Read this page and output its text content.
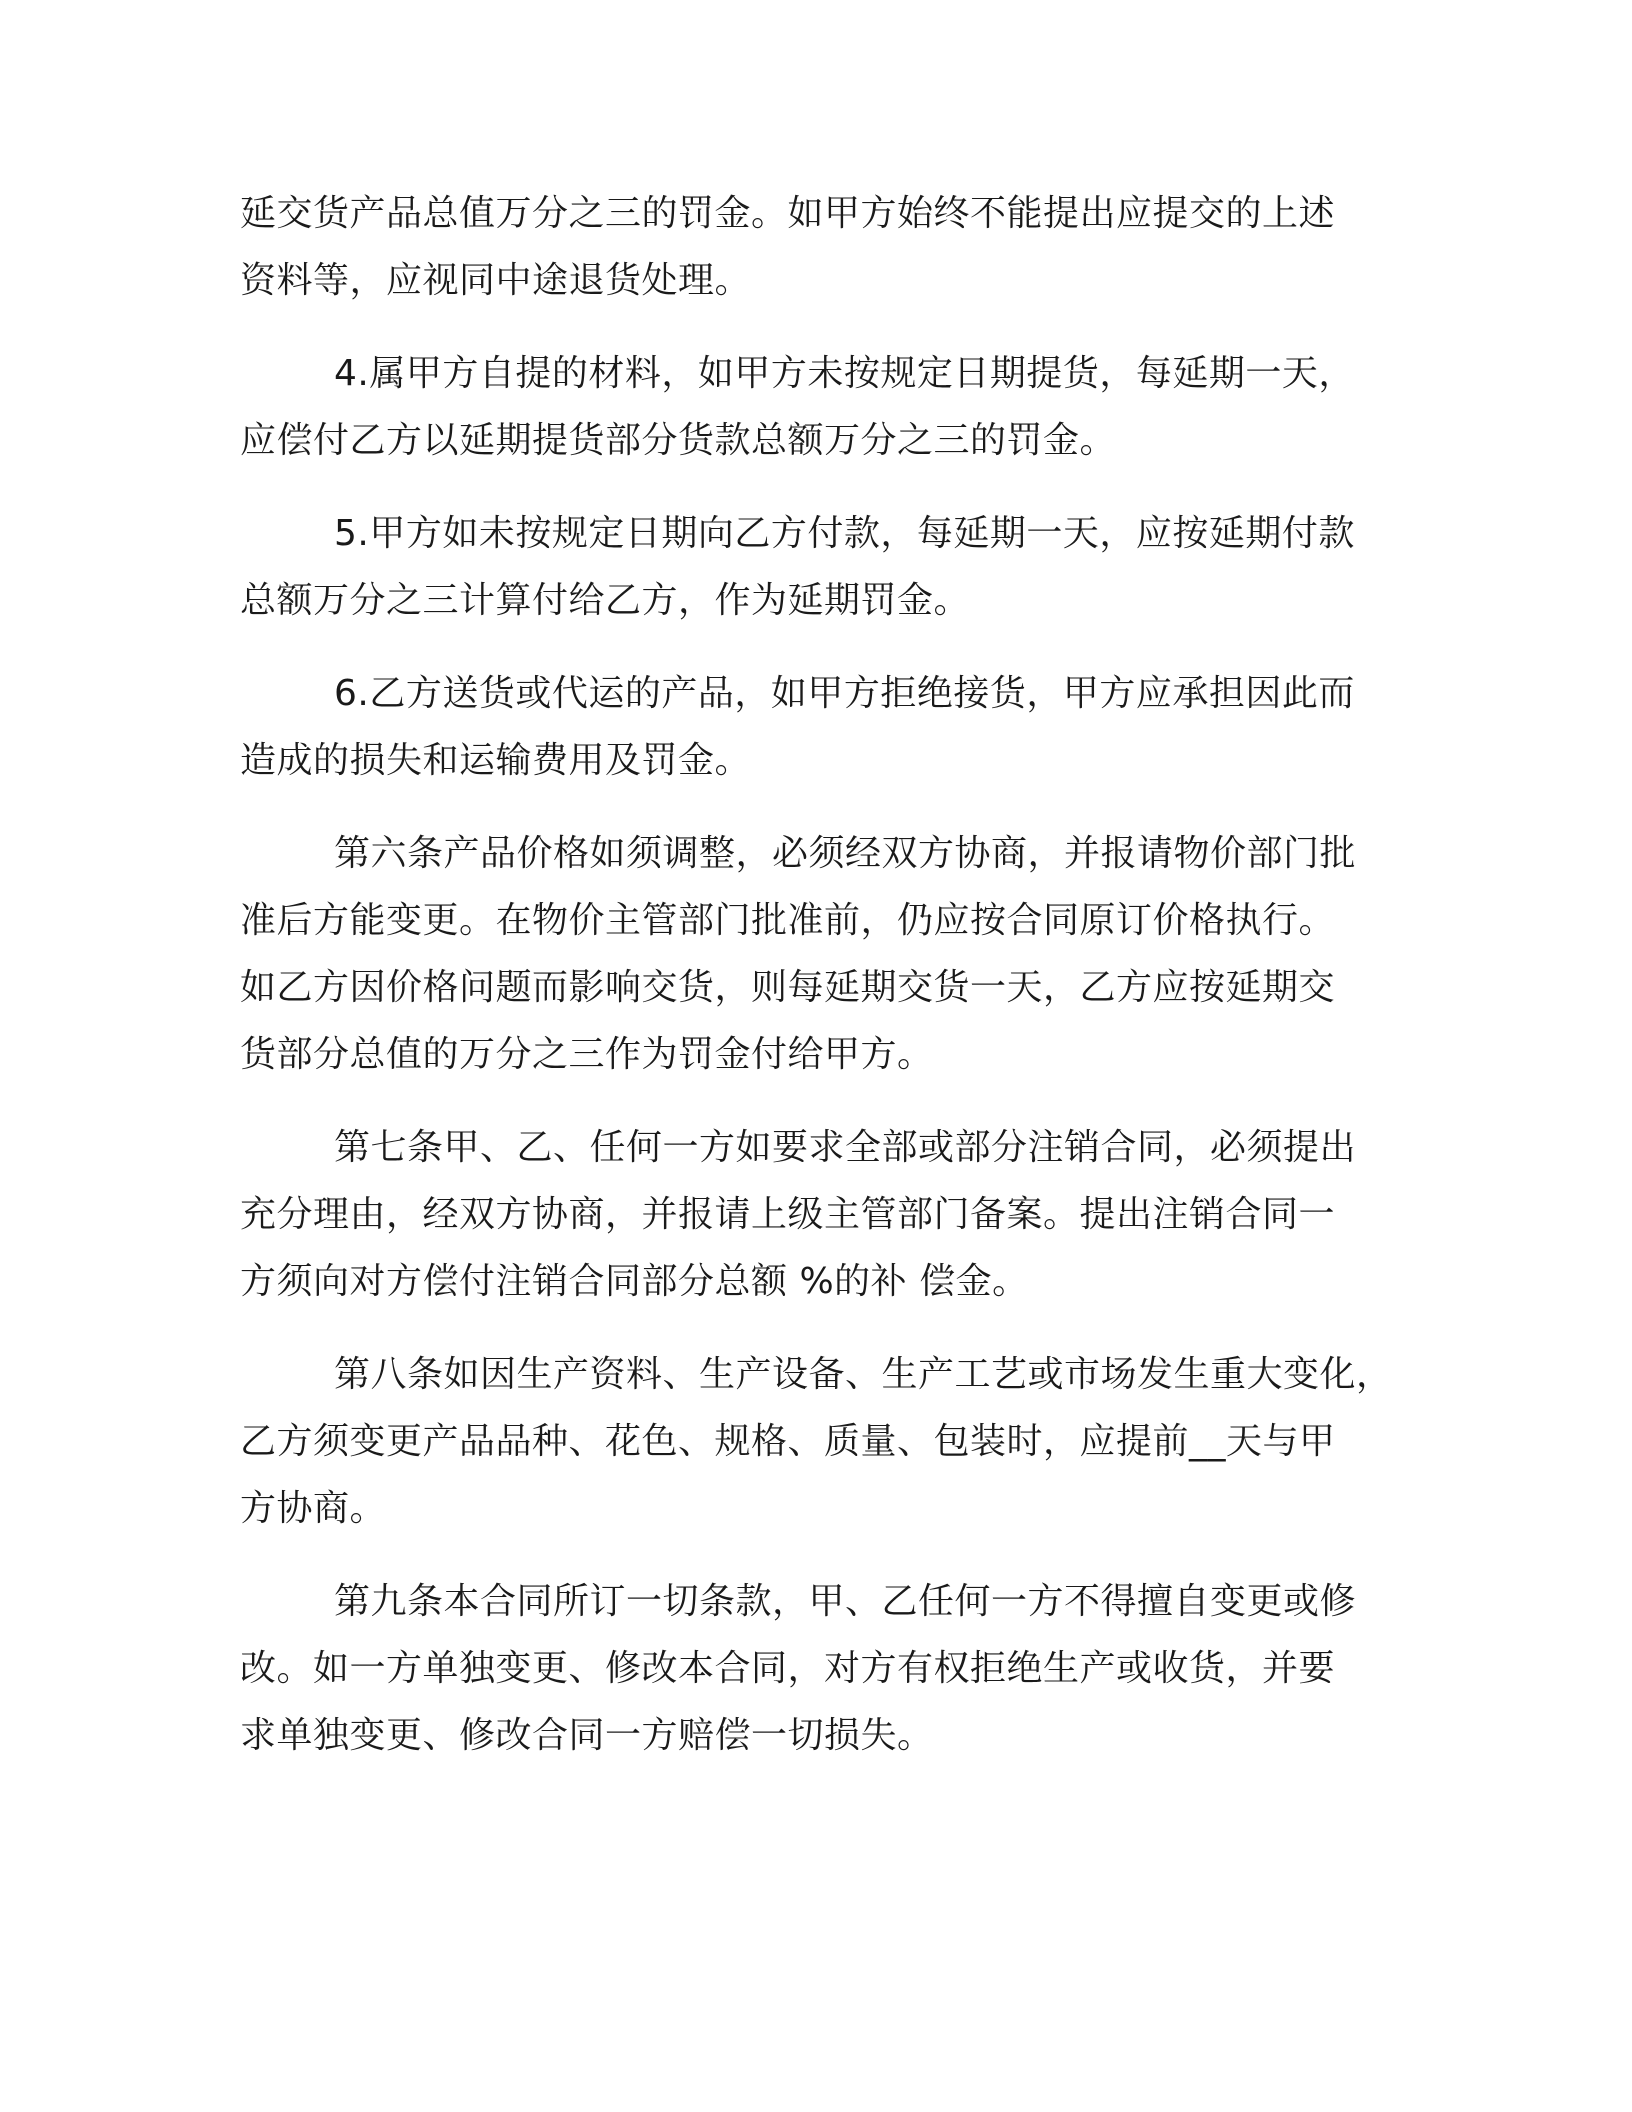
延交货产品总值万分之三的罚金。如甲方始终不能提出应提交的上述
资料等，应视同中途退货处理。

4.属甲方自提的材料，如甲方未按规定日期提货，每延期一天，
应偿付乙方以延期提货部分货款总额万分之三的罚金。

5.甲方如未按规定日期向乙方付款，每延期一天，应按延期付款
总额万分之三计算付给乙方，作为延期罚金。

6.乙方送货或代运的产品，如甲方拒绝接货，甲方应承担因此而
造成的损失和运输费用及罚金。

第六条产品价格如须调整，必须经双方协商，并报请物价部门批
准后方能变更。在物价主管部门批准前，仍应按合同原订价格执行。
如乙方因价格问题而影响交货，则每延期交货一天，乙方应按延期交
货部分总值的万分之三作为罚金付给甲方。

第七条甲、乙、任何一方如要求全部或部分注销合同，必须提出
充分理由，经双方协商，并报请上级主管部门备案。提出注销合同一
方须向对方偿付注销合同部分总额 %的补 偿金。

第八条如因生产资料、生产设备、生产工艺或市场发生重大变化，
乙方须变更产品品种、花色、规格、质量、包装时，应提前__天与甲
方协商。

第九条本合同所订一切条款，甲、乙任何一方不得擅自变更或修
改。如一方单独变更、修改本合同，对方有权拒绝生产或收货，并要
求单独变更、修改合同一方赔偿一切损失。
